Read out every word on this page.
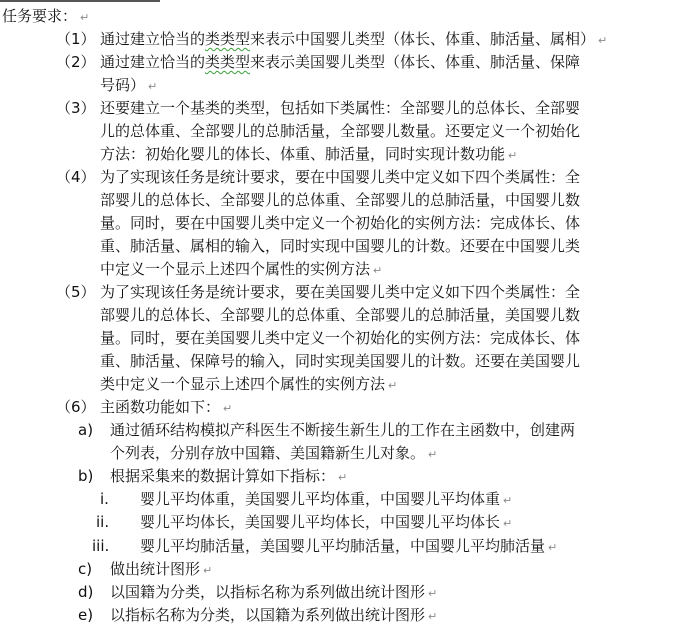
任务要求： ↵
（1） 通过建立恰当的类类型来表示中国婴儿类型（体长、体重、肺活量、属相） ↵
（2） 通过建立恰当的类类型来表示美国婴儿类型（体长、体重、肺活量、保障
号码） ↵
（3） 还要建立一个基类的类型，包括如下类属性：全部婴儿的总体长、全部婴
儿的总体重、全部婴儿的总肺活量，全部婴儿数量。还要定义一个初始化
方法：初始化婴儿的体长、体重、肺活量，同时实现计数功能 ↵
（4） 为了实现该任务是统计要求，要在中国婴儿类中定义如下四个类属性：全
部婴儿的总体长、全部婴儿的总体重、全部婴儿的总肺活量，中国婴儿数
量。同时，要在中国婴儿类中定义一个初始化的实例方法：完成体长、体
重、肺活量、属相的输入，同时实现中国婴儿的计数。还要在中国婴儿类
中定义一个显示上述四个属性的实例方法 ↵
（5） 为了实现该任务是统计要求，要在美国婴儿类中定义如下四个类属性：全
部婴儿的总体长、全部婴儿的总体重、全部婴儿的总肺活量，美国婴儿数
量。同时，要在美国婴儿类中定义一个初始化的实例方法：完成体长、体
重、肺活量、保障号的输入，同时实现美国婴儿的计数。还要在美国婴儿
类中定义一个显示上述四个属性的实例方法 ↵
（6） 主函数功能如下： ↵
a) 通过循环结构模拟产科医生不断接生新生儿的工作在主函数中，创建两
个列表，分别存放中国籍、美国籍新生儿对象。 ↵
b) 根据采集来的数据计算如下指标： ↵
i. 婴儿平均体重，美国婴儿平均体重，中国婴儿平均体重 ↵
ii. 婴儿平均体长，美国婴儿平均体长，中国婴儿平均体长 ↵
iii. 婴儿平均肺活量，美国婴儿平均肺活量，中国婴儿平均肺活量 ↵
c) 做出统计图形 ↵
d) 以国籍为分类，以指标名称为系列做出统计图形 ↵
e) 以指标名称为分类，以国籍为系列做出统计图形 ↵
